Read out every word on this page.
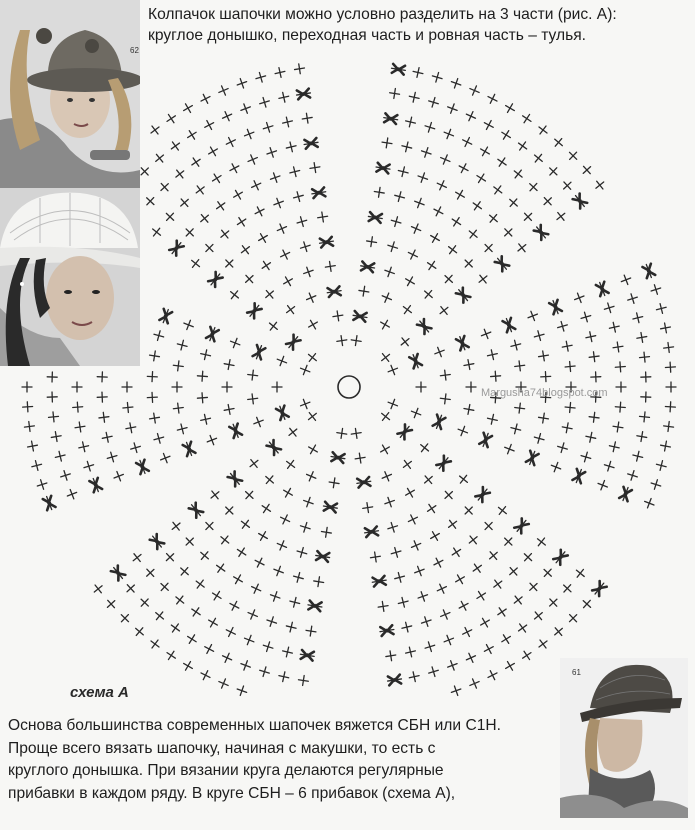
62
Колпачок шапочки можно условно разделить на 3 части (рис. А):
круглое донышко, переходная часть и ровная часть – тулья.
Margusha74blogspot.com
схема А
61
Основа большинства современных шапочек вяжется СБН или С1Н.
Проще всего вязать шапочку, начиная с макушки, то есть с
круглого донышка. При вязании круга делаются регулярные
прибавки в каждом ряду. В круге СБН – 6 прибавок (схема А),
